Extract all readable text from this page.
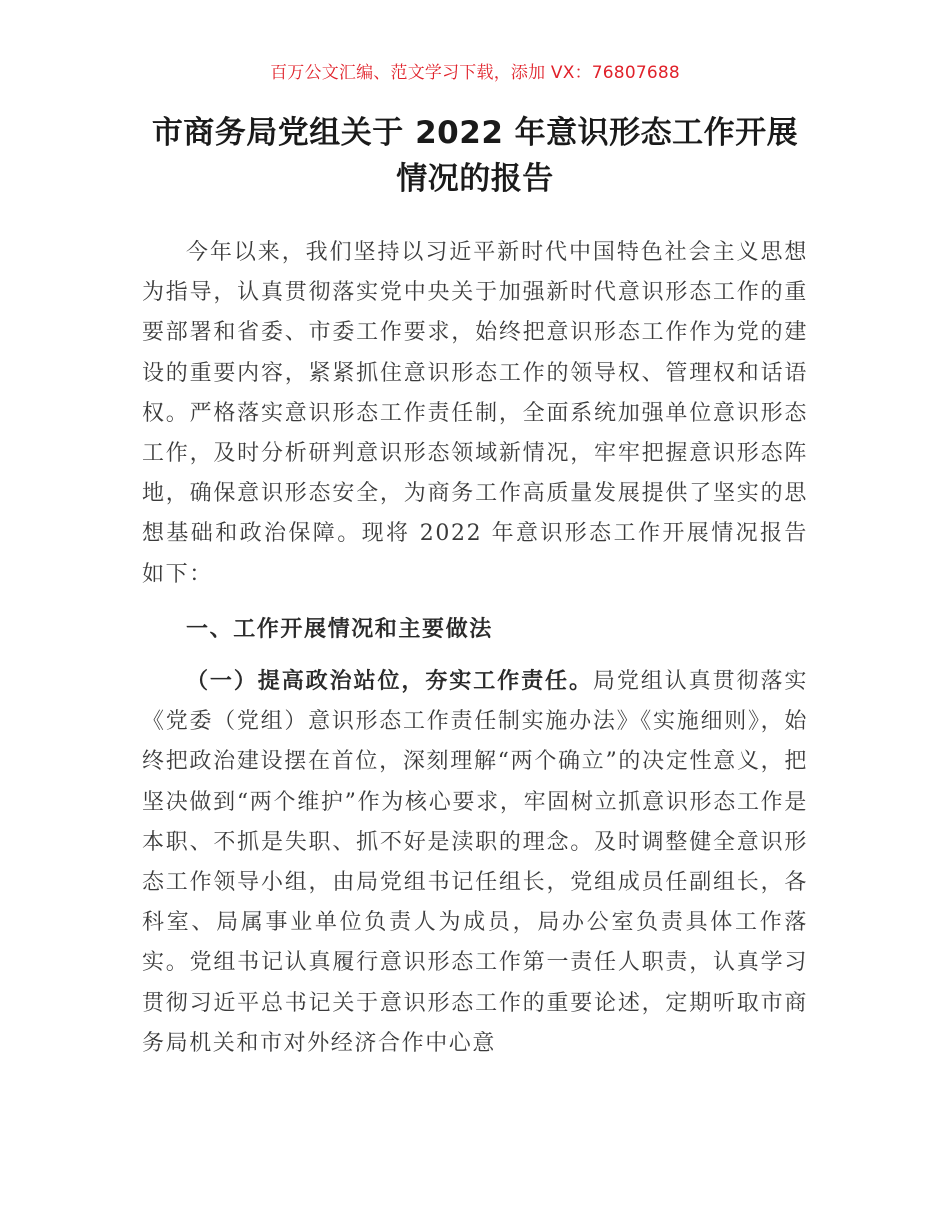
百万公文汇编、范文学习下载，添加 VX：76807688
市商务局党组关于 2022 年意识形态工作开展情况的报告

今年以来，我们坚持以习近平新时代中国特色社会主义思想为指导，认真贯彻落实党中央关于加强新时代意识形态工作的重要部署和省委、市委工作要求，始终把意识形态工作作为党的建设的重要内容，紧紧抓住意识形态工作的领导权、管理权和话语权。严格落实意识形态工作责任制，全面系统加强单位意识形态工作，及时分析研判意识形态领域新情况，牢牢把握意识形态阵地，确保意识形态安全，为商务工作高质量发展提供了坚实的思想基础和政治保障。现将 2022 年意识形态工作开展情况报告如下：

一、工作开展情况和主要做法

（一）提高政治站位，夯实工作责任。局党组认真贯彻落实《党委（党组）意识形态工作责任制实施办法》《实施细则》，始终把政治建设摆在首位，深刻理解“两个确立”的决定性意义，把坚决做到“两个维护”作为核心要求，牢固树立抓意识形态工作是本职、不抓是失职、抓不好是渎职的理念。及时调整健全意识形态工作领导小组，由局党组书记任组长，党组成员任副组长，各科室、局属事业单位负责人为成员，局办公室负责具体工作落实。党组书记认真履行意识形态工作第一责任人职责，认真学习贯彻习近平总书记关于意识形态工作的重要论述，定期听取市商务局机关和市对外经济合作中心意
